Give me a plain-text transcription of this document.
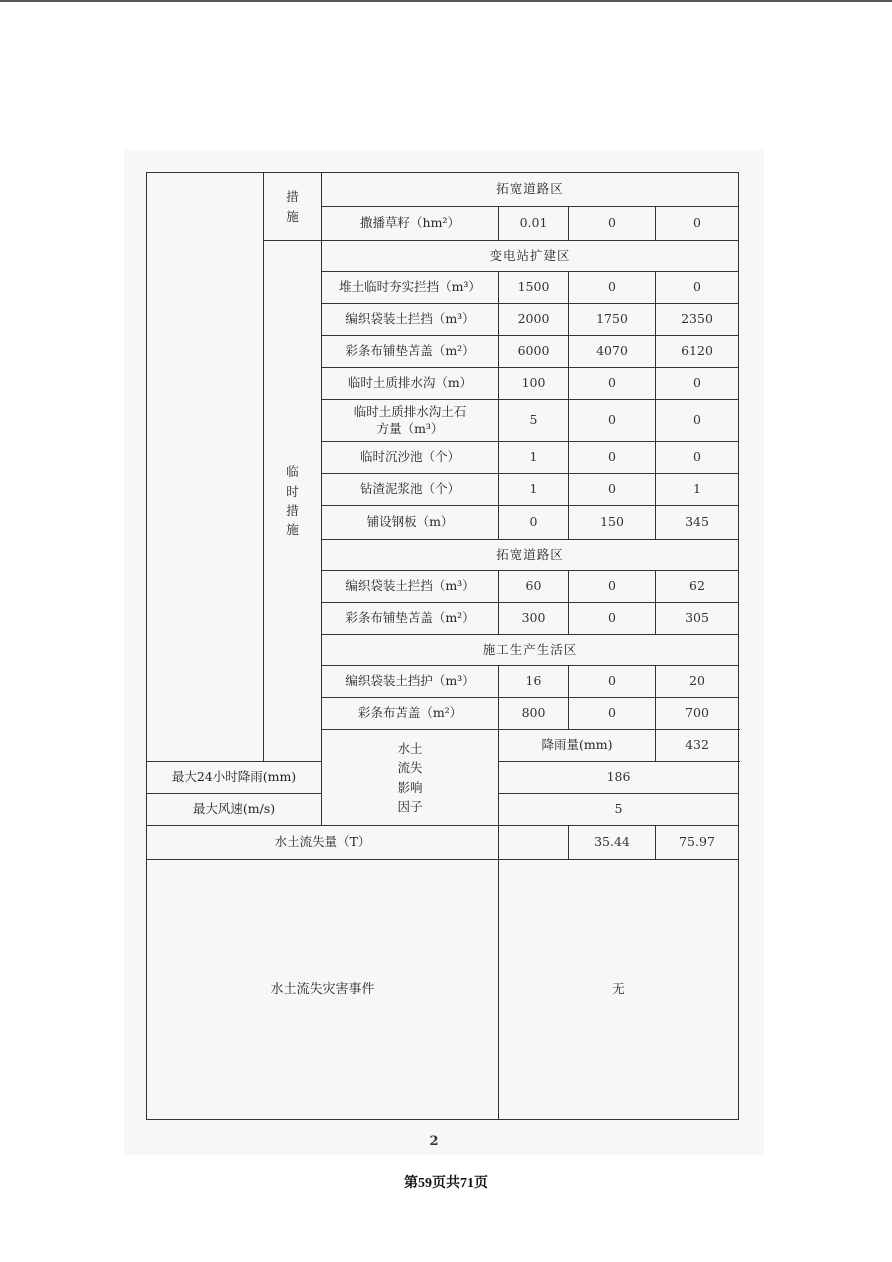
	措施	拓宽道路区			
		撒播草籽（hm²）	0.01	0	0
	临时措施	变电站扩建区			
		堆土临时夯实拦挡（m³）	1500	0	0
		编织袋装土拦挡（m³）	2000	1750	2350
		彩条布铺垫苫盖（m²）	6000	4070	6120
		临时土质排水沟（m）	100	0	0
		临时土质排水沟土石方量（m³）	5	0	0
		临时沉沙池（个）	1	0	0
		钻渣泥浆池（个）	1	0	1
		铺设钢板（m）	0	150	345
		拓宽道路区			
		编织袋装土拦挡（m³）	60	0	62
		彩条布铺垫苫盖（m²）	300	0	305
		施工生产生活区			
		编织袋装土挡护（m³）	16	0	20
		彩条布苫盖（m²）	800	0	700
		水土流失影响因子	降雨量(mm)		432
最大24小时降雨(mm)			186		
最大风速(m/s)			5		
水土流失量（T）				35.44	75.97
水土流失灾害事件			无		
2
第59页共71页
